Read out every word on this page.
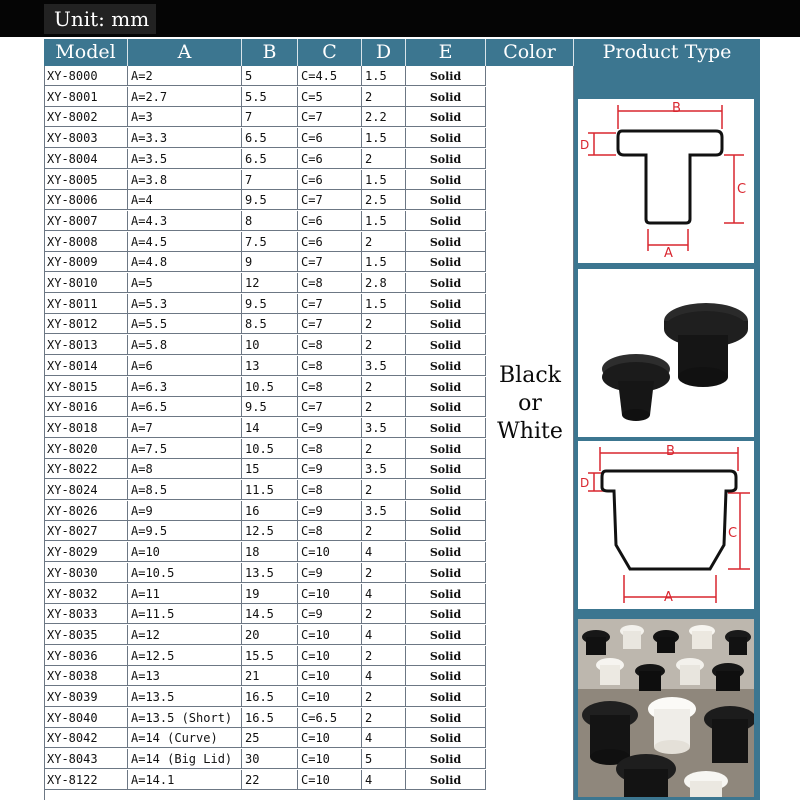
Unit: mm
Model	A	B	C	D	E	Color	Product Type
XY-8000	A=2	5	C=4.5	1.5	Solid
XY-8001	A=2.7	5.5	C=5	2	Solid
XY-8002	A=3	7	C=7	2.2	Solid
XY-8003	A=3.3	6.5	C=6	1.5	Solid
XY-8004	A=3.5	6.5	C=6	2	Solid
XY-8005	A=3.8	7	C=6	1.5	Solid
XY-8006	A=4	9.5	C=7	2.5	Solid
XY-8007	A=4.3	8	C=6	1.5	Solid
XY-8008	A=4.5	7.5	C=6	2	Solid
XY-8009	A=4.8	9	C=7	1.5	Solid
XY-8010	A=5	12	C=8	2.8	Solid
XY-8011	A=5.3	9.5	C=7	1.5	Solid
XY-8012	A=5.5	8.5	C=7	2	Solid
XY-8013	A=5.8	10	C=8	2	Solid
XY-8014	A=6	13	C=8	3.5	Solid
XY-8015	A=6.3	10.5	C=8	2	Solid
XY-8016	A=6.5	9.5	C=7	2	Solid
XY-8018	A=7	14	C=9	3.5	Solid
XY-8020	A=7.5	10.5	C=8	2	Solid
XY-8022	A=8	15	C=9	3.5	Solid
XY-8024	A=8.5	11.5	C=8	2	Solid
XY-8026	A=9	16	C=9	3.5	Solid
XY-8027	A=9.5	12.5	C=8	2	Solid
XY-8029	A=10	18	C=10	4	Solid
XY-8030	A=10.5	13.5	C=9	2	Solid
XY-8032	A=11	19	C=10	4	Solid
XY-8033	A=11.5	14.5	C=9	2	Solid
XY-8035	A=12	20	C=10	4	Solid
XY-8036	A=12.5	15.5	C=10	2	Solid
XY-8038	A=13	21	C=10	4	Solid
XY-8039	A=13.5	16.5	C=10	2	Solid
XY-8040	A=13.5 (Short)	16.5	C=6.5	2	Solid
XY-8042	A=14 (Curve)	25	C=10	4	Solid
XY-8043	A=14 (Big Lid)	30	C=10	5	Solid
XY-8122	A=14.1	22	C=10	4	Solid
Black
or
White
B
D
C
A
B
D
C
A
